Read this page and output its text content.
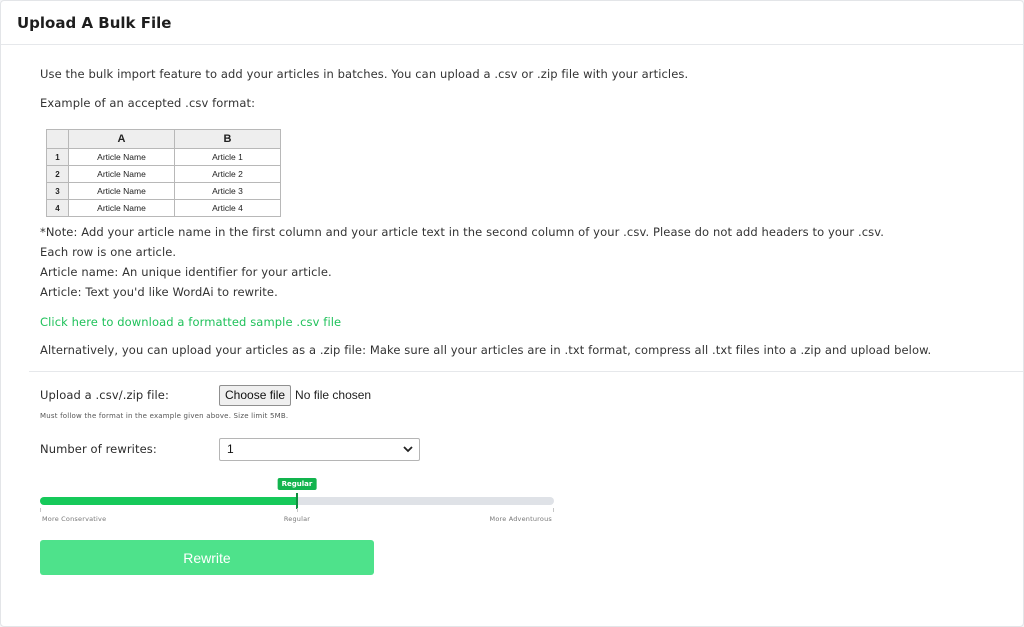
Upload A Bulk File

Use the bulk import feature to add your articles in batches. You can upload a .csv or .zip file with your articles.

Example of an accepted .csv format:

	A	B
1	Article Name	Article 1
2	Article Name	Article 2
3	Article Name	Article 3
4	Article Name	Article 4

*Note: Add your article name in the first column and your article text in the second column of your .csv. Please do not add headers to your .csv.

Each row is one article.

Article name: An unique identifier for your article.

Article: Text you'd like WordAi to rewrite.

Click here to download a formatted sample .csv file

Alternatively, you can upload your articles as a .zip file: Make sure all your articles are in .txt format, compress all .txt files into a .zip and upload below.

Upload a .csv/.zip file:	Choose file No file chosen

Must follow the format in the example given above. Size limit 5MB.

Number of rewrites:	1
Regular
More Conservative	Regular	More Adventurous
Rewrite
